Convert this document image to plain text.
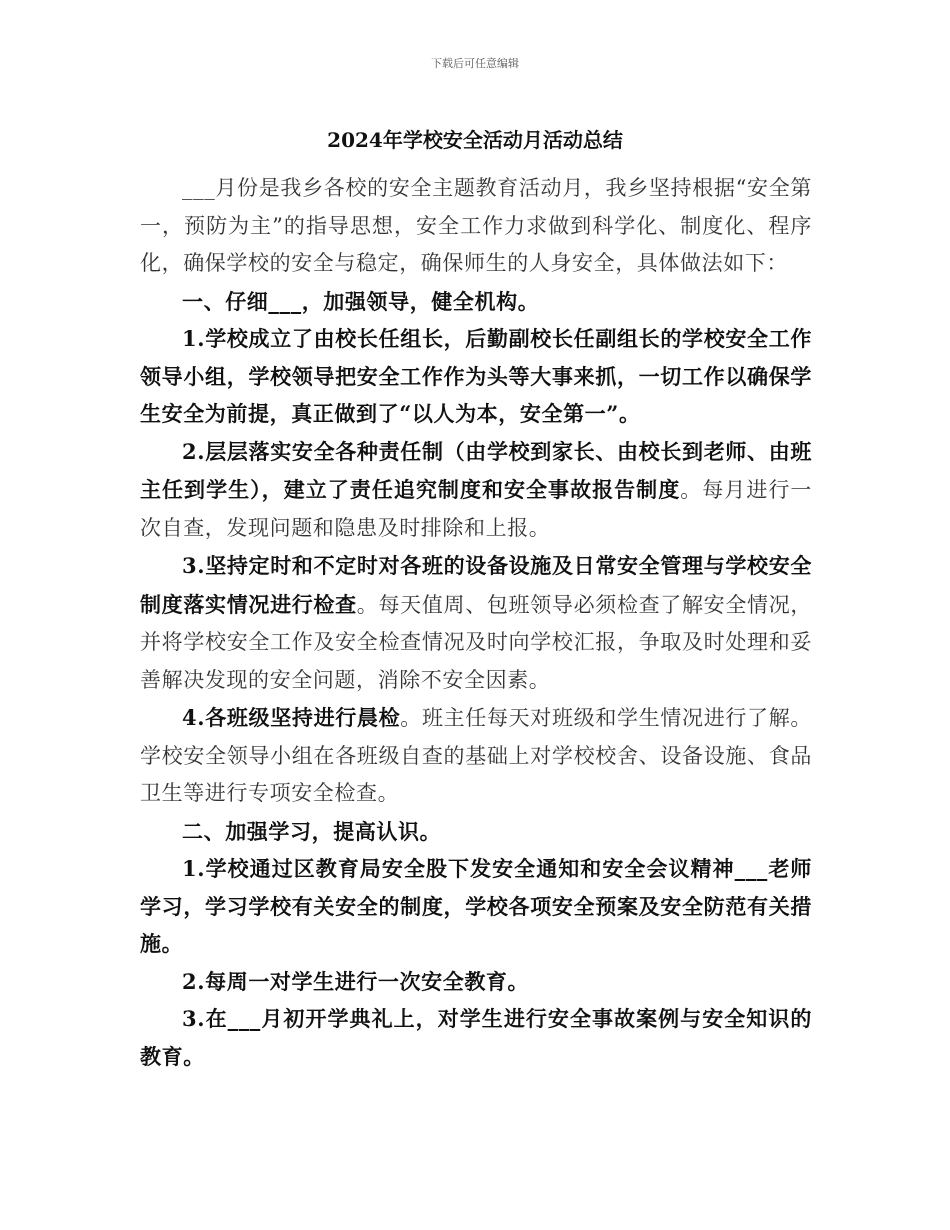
下载后可任意编辑
2024年学校安全活动月活动总结

___月份是我乡各校的安全主题教育活动月，我乡坚持根据“安全第一，预防为主”的指导思想，安全工作力求做到科学化、制度化、程序化，确保学校的安全与稳定，确保师生的人身安全，具体做法如下：

一、仔细___，加强领导，健全机构。

1.学校成立了由校长任组长，后勤副校长任副组长的学校安全工作领导小组，学校领导把安全工作作为头等大事来抓，一切工作以确保学生安全为前提，真正做到了“以人为本，安全第一”。

2.层层落实安全各种责任制（由学校到家长、由校长到老师、由班主任到学生），建立了责任追究制度和安全事故报告制度。每月进行一次自查，发现问题和隐患及时排除和上报。

3.坚持定时和不定时对各班的设备设施及日常安全管理与学校安全制度落实情况进行检查。每天值周、包班领导必须检查了解安全情况，并将学校安全工作及安全检查情况及时向学校汇报，争取及时处理和妥善解决发现的安全问题，消除不安全因素。

4.各班级坚持进行晨检。班主任每天对班级和学生情况进行了解。学校安全领导小组在各班级自查的基础上对学校校舍、设备设施、食品卫生等进行专项安全检查。

二、加强学习，提高认识。

1.学校通过区教育局安全股下发安全通知和安全会议精神___老师学习，学习学校有关安全的制度，学校各项安全预案及安全防范有关措施。

2.每周一对学生进行一次安全教育。

3.在___月初开学典礼上，对学生进行安全事故案例与安全知识的教育。
